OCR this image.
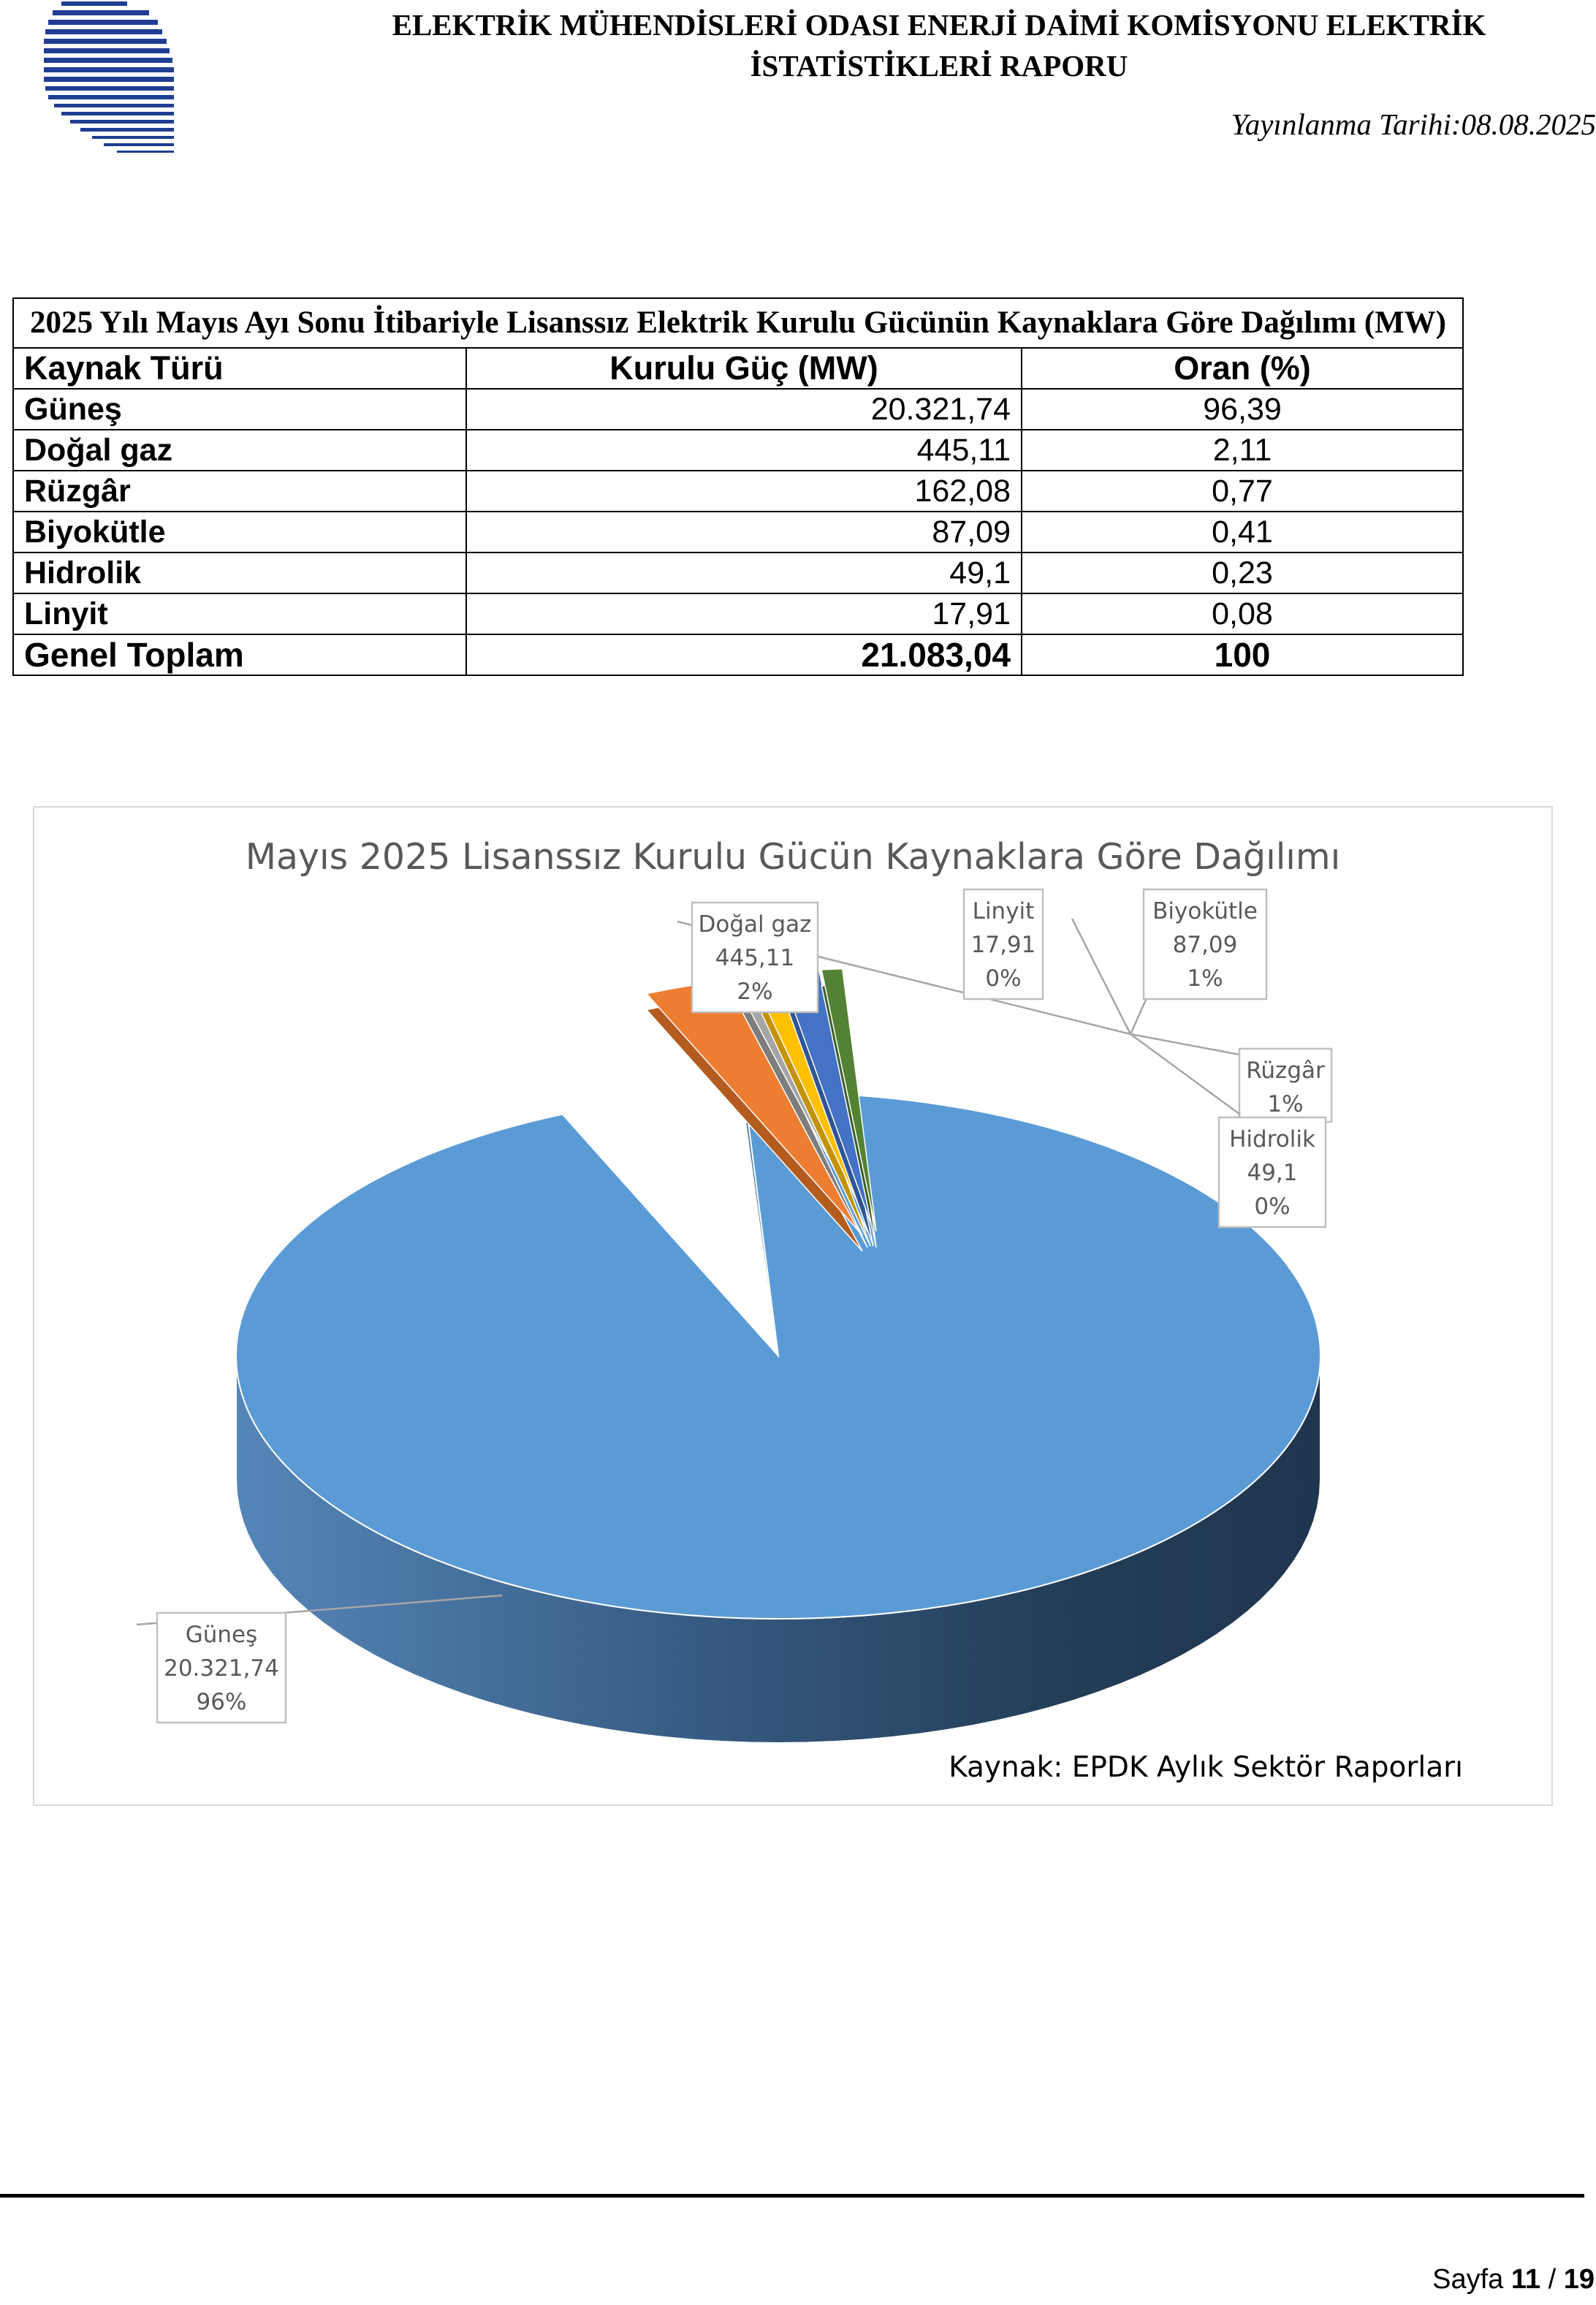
ELEKTRİK MÜHENDİSLERİ ODASI ENERJİ DAİMİ KOMİSYONU ELEKTRİK İSTATİSTİKLERİ RAPORU
Yayınlanma Tarihi:08.08.2025
2025 Yılı Mayıs Ayı Sonu İtibariyle Lisanssız Elektrik Kurulu Gücünün Kaynaklara Göre Dağılımı (MW)
Kaynak Türü	Kurulu Güç (MW)	Oran (%)
Güneş	20.321,74	96,39
Doğal gaz	445,11	2,11
Rüzgâr	162,08	0,77
Biyokütle	87,09	0,41
Hidrolik	49,1	0,23
Linyit	17,91	0,08
Genel Toplam	21.083,04	100
Mayıs 2025 Lisanssız Kurulu Gücün Kaynaklara Göre Dağılımı
Güneş
20.321,74
96%
Doğal gaz
445,11
2%
Linyit
17,91
0%
Biyokütle
87,09
1%
Rüzgâr
1%
Hidrolik
49,1
0%
Kaynak: EPDK Aylık Sektör Raporları
Sayfa 11 / 19
